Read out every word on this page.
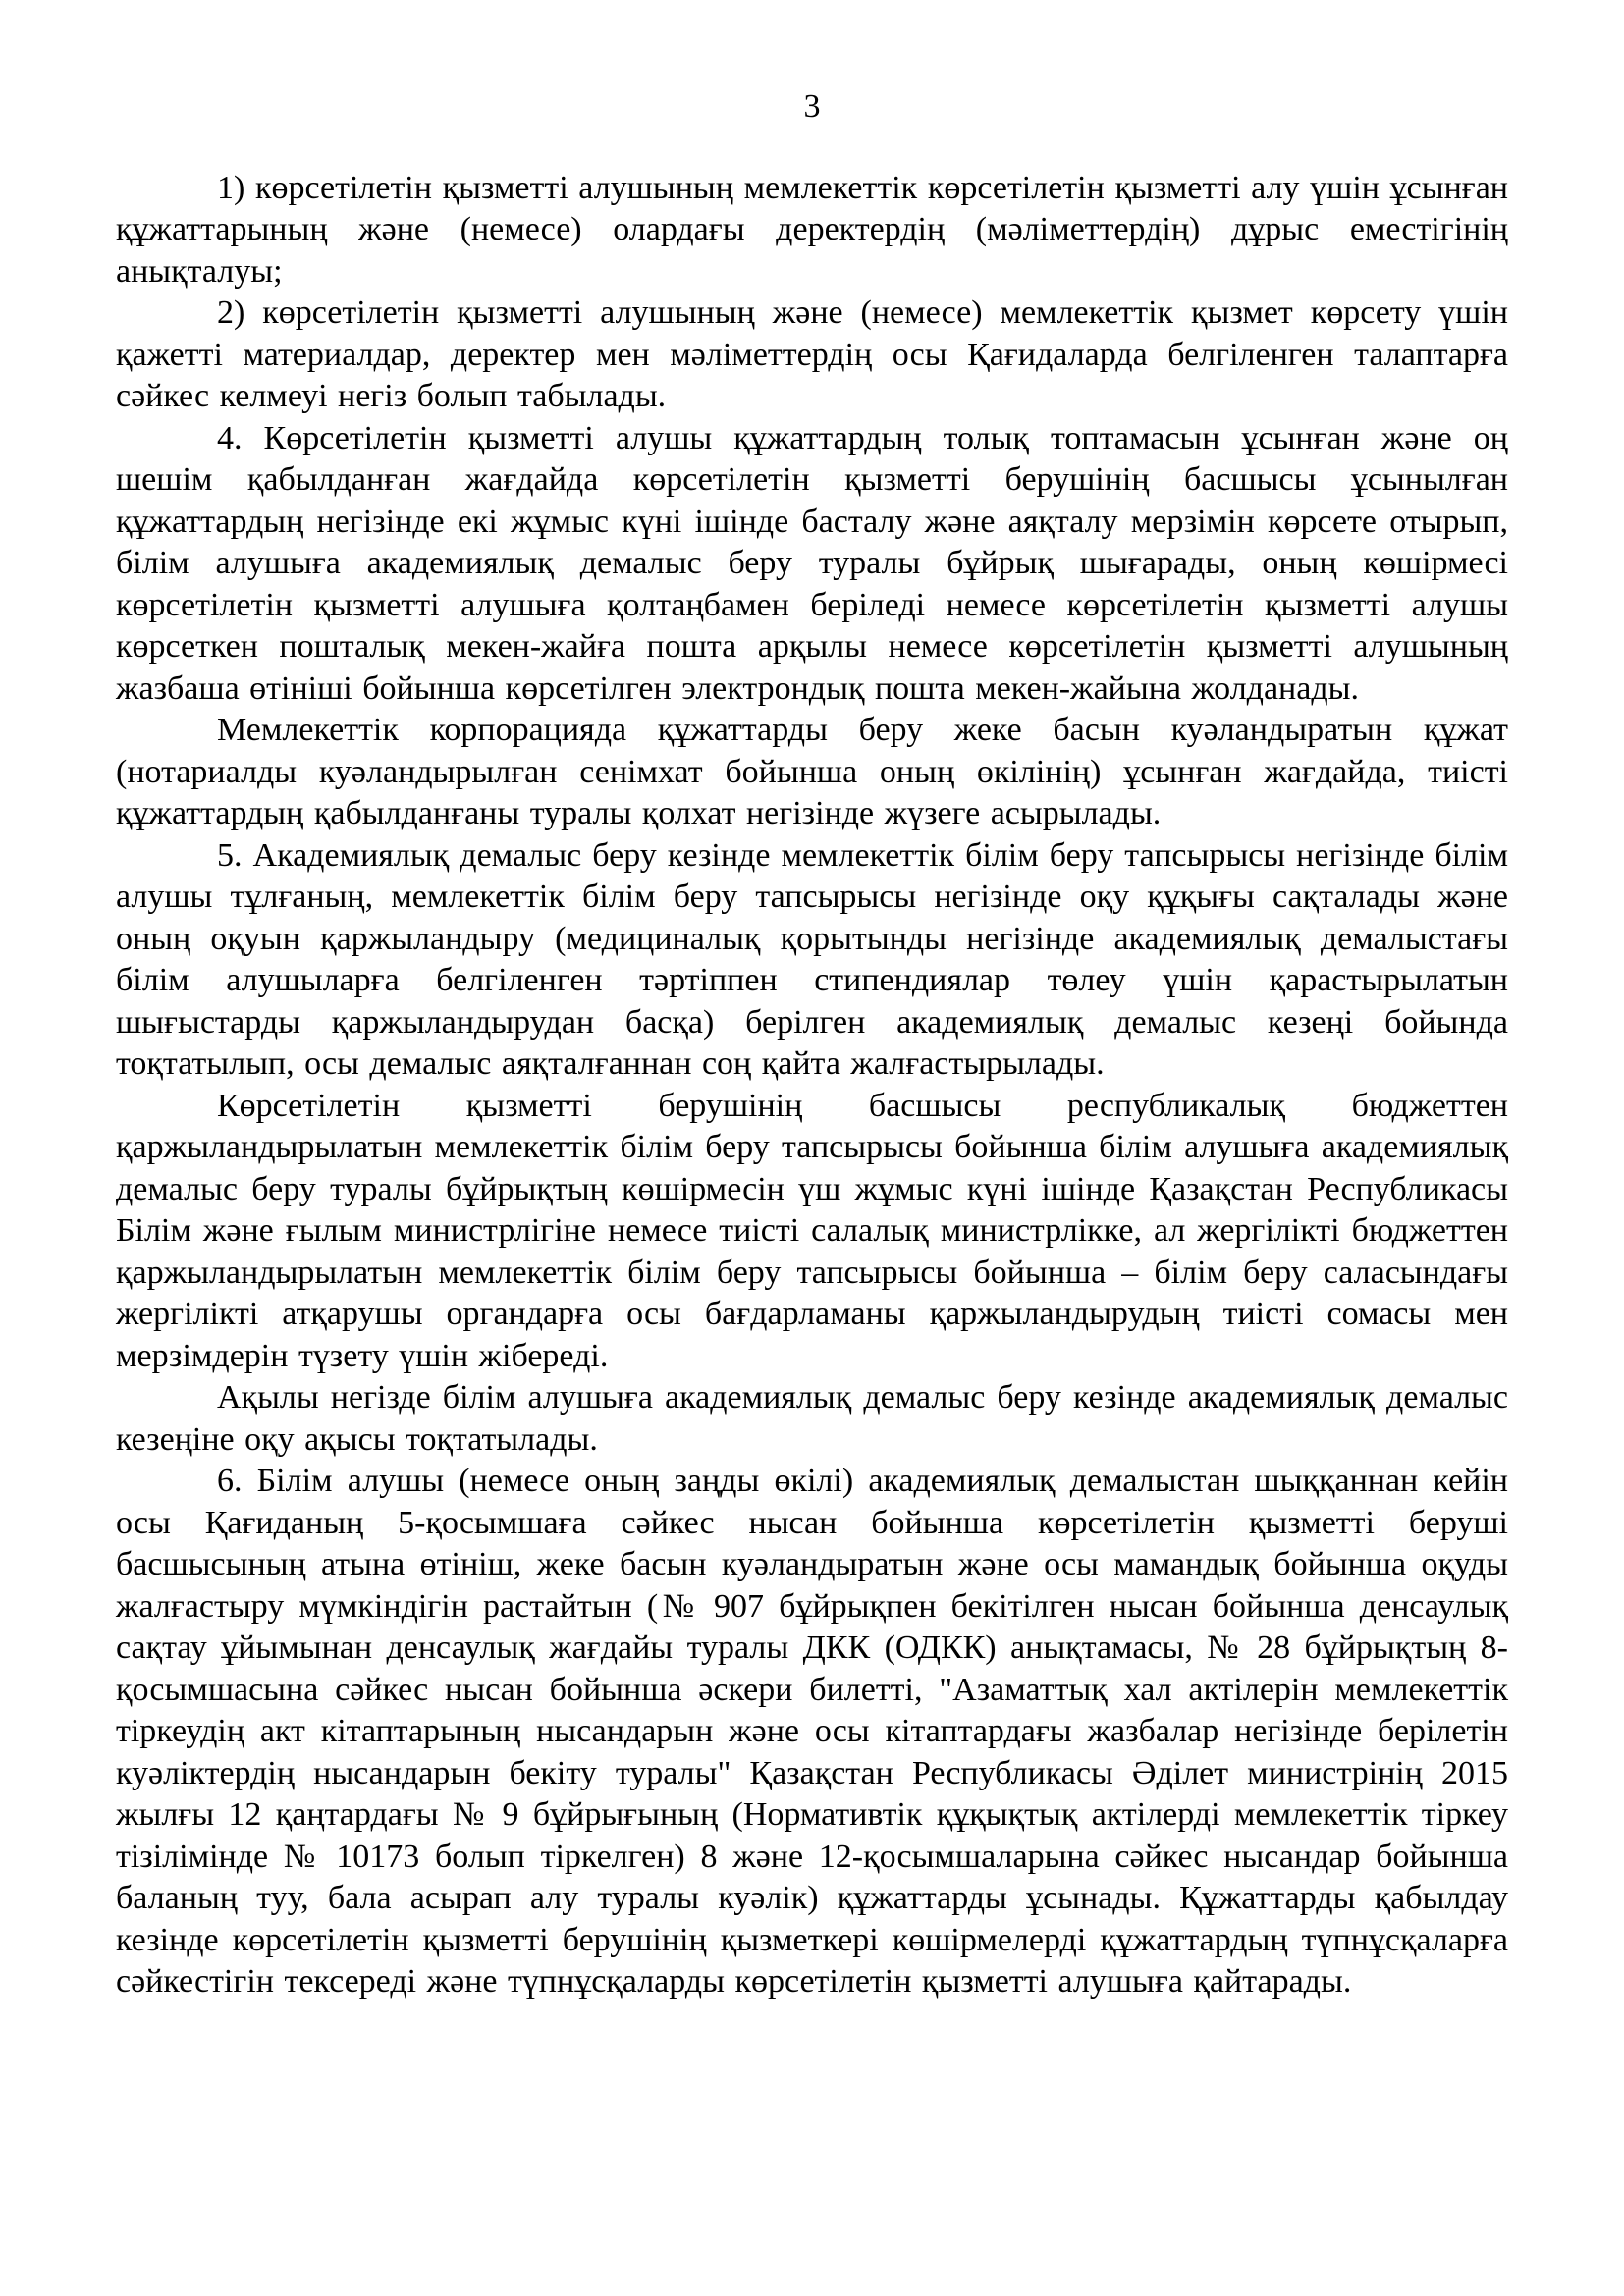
3

1) көрсетілетін қызметті алушының мемлекеттік көрсетілетін қызметті алу үшін ұсынған құжаттарының және (немесе) олардағы деректердің (мәліметтердің) дұрыс еместігінің анықталуы;

2) көрсетілетін қызметті алушының және (немесе) мемлекеттік қызмет көрсету үшін қажетті материалдар, деректер мен мәліметтердің осы Қағидаларда белгіленген талаптарға сәйкес келмеуі негіз болып табылады.

4. Көрсетілетін қызметті алушы құжаттардың толық топтамасын ұсынған және оң шешім қабылданған жағдайда көрсетілетін қызметті берушінің басшысы ұсынылған құжаттардың негізінде екі жұмыс күні ішінде басталу және аяқталу мерзімін көрсете отырып, білім алушыға академиялық демалыс беру туралы бұйрық шығарады, оның көшірмесі көрсетілетін қызметті алушыға қолтаңбамен беріледі немесе көрсетілетін қызметті алушы көрсеткен пошталық мекен-жайға пошта арқылы немесе көрсетілетін қызметті алушының жазбаша өтініші бойынша көрсетілген электрондық пошта мекен-жайына жолданады.

Мемлекеттік корпорацияда құжаттарды беру жеке басын куәландыратын құжат (нотариалды куәландырылған сенімхат бойынша оның өкілінің) ұсынған жағдайда, тиісті құжаттардың қабылданғаны туралы қолхат негізінде жүзеге асырылады.

5. Академиялық демалыс беру кезінде мемлекеттік білім беру тапсырысы негізінде білім алушы тұлғаның, мемлекеттік білім беру тапсырысы негізінде оқу құқығы сақталады және оның оқуын қаржыландыру (медициналық қорытынды негізінде академиялық демалыстағы білім алушыларға белгіленген тәртіппен стипендиялар төлеу үшін қарастырылатын шығыстарды қаржыландырудан басқа) берілген академиялық демалыс кезеңі бойында тоқтатылып, осы демалыс аяқталғаннан соң қайта жалғастырылады.

Көрсетілетін қызметті берушінің басшысы республикалық бюджеттен қаржыландырылатын мемлекеттік білім беру тапсырысы бойынша білім алушыға академиялық демалыс беру туралы бұйрықтың көшірмесін үш жұмыс күні ішінде Қазақстан Республикасы Білім және ғылым министрлігіне немесе тиісті салалық министрлікке, ал жергілікті бюджеттен қаржыландырылатын мемлекеттік білім беру тапсырысы бойынша – білім беру саласындағы жергілікті атқарушы органдарға осы бағдарламаны қаржыландырудың тиісті сомасы мен мерзімдерін түзету үшін жібереді.

Ақылы негізде білім алушыға академиялық демалыс беру кезінде академиялық демалыс кезеңіне оқу ақысы тоқтатылады.

6. Білім алушы (немесе оның заңды өкілі) академиялық демалыстан шыққаннан кейін осы Қағиданың 5-қосымшаға сәйкес нысан бойынша көрсетілетін қызметті беруші басшысының атына өтініш, жеке басын куәландыратын және осы мамандық бойынша оқуды жалғастыру мүмкіндігін растайтын (№ 907 бұйрықпен бекітілген нысан бойынша денсаулық сақтау ұйымынан денсаулық жағдайы туралы ДКК (ОДКК) анықтамасы, № 28 бұйрықтың 8-қосымшасына сәйкес нысан бойынша әскери билетті, "Азаматтық хал актілерін мемлекеттік тіркеудің акт кітаптарының нысандарын және осы кітаптардағы жазбалар негізінде берілетін куәліктердің нысандарын бекіту туралы" Қазақстан Республикасы Әділет министрінің 2015 жылғы 12 қаңтардағы № 9 бұйрығының (Нормативтік құқықтық актілерді мемлекеттік тіркеу тізілімінде № 10173 болып тіркелген) 8 және 12-қосымшаларына сәйкес нысандар бойынша баланың туу, бала асырап алу туралы куәлік) құжаттарды ұсынады. Құжаттарды қабылдау кезінде көрсетілетін қызметті берушінің қызметкері көшірмелерді құжаттардың түпнұсқаларға сәйкестігін тексереді және түпнұсқаларды көрсетілетін қызметті алушыға қайтарады.
